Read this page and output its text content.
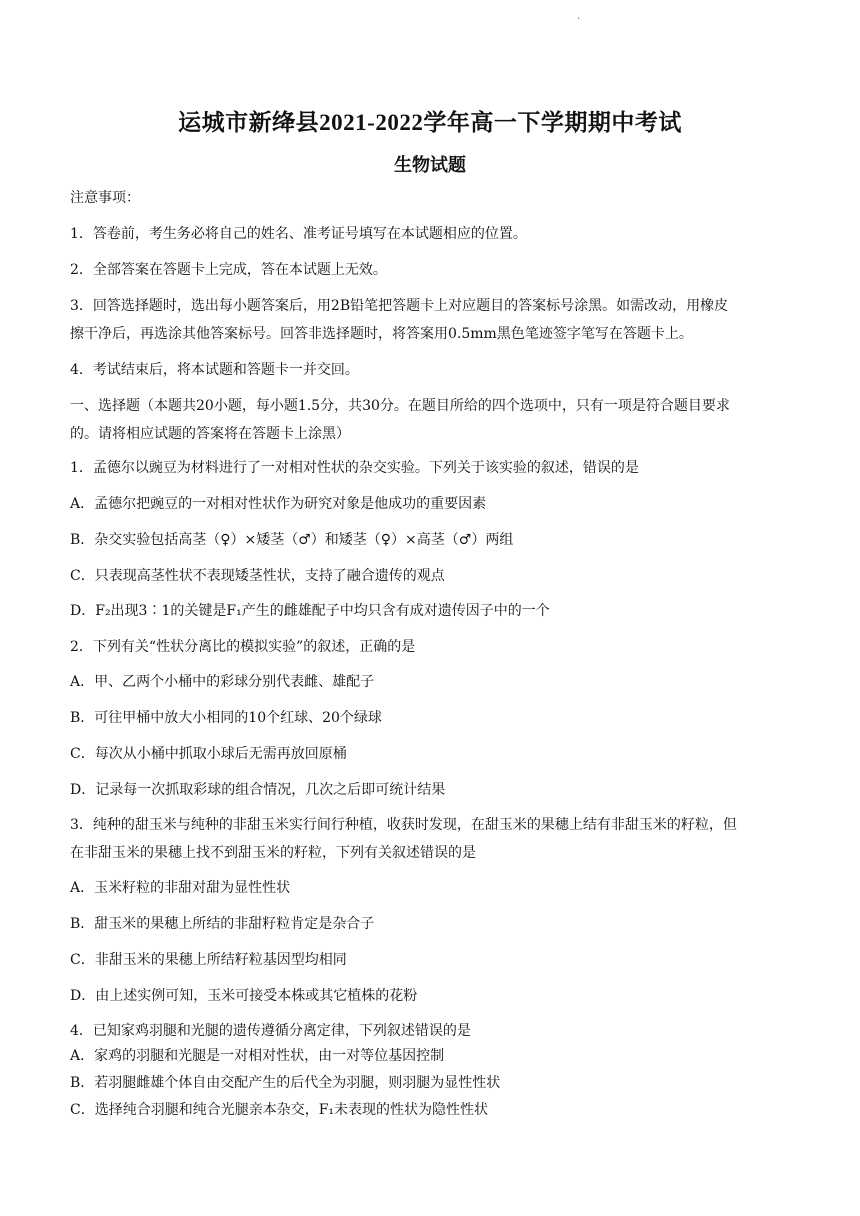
·
运城市新绛县2021-2022学年高一下学期期中考试
生物试题
注意事项：
1．答卷前，考生务必将自己的姓名、准考证号填写在本试题相应的位置。
2．全部答案在答题卡上完成，答在本试题上无效。
3．回答选择题时，选出每小题答案后，用2B铅笔把答题卡上对应题目的答案标号涂黑。如需改动，用橡皮
擦干净后，再选涂其他答案标号。回答非选择题时，将答案用0.5mm黑色笔迹签字笔写在答题卡上。
4．考试结束后，将本试题和答题卡一并交回。
一、选择题（本题共20小题，每小题1.5分，共30分。在题目所给的四个选项中，只有一项是符合题目要求
的。请将相应试题的答案将在答题卡上涂黑）
1．孟德尔以豌豆为材料进行了一对相对性状的杂交实验。下列关于该实验的叙述，错误的是
A．孟德尔把豌豆的一对相对性状作为研究对象是他成功的重要因素
B．杂交实验包括高茎（♀）×矮茎（♂）和矮茎（♀）×高茎（♂）两组
C．只表现高茎性状不表现矮茎性状，支持了融合遗传的观点
D．F₂出现3∶1的关键是F₁产生的雌雄配子中均只含有成对遗传因子中的一个
2．下列有关“性状分离比的模拟实验”的叙述，正确的是
A．甲、乙两个小桶中的彩球分别代表雌、雄配子
B．可往甲桶中放大小相同的10个红球、20个绿球
C．每次从小桶中抓取小球后无需再放回原桶
D．记录每一次抓取彩球的组合情况，几次之后即可统计结果
3．纯种的甜玉米与纯种的非甜玉米实行间行种植，收获时发现，在甜玉米的果穗上结有非甜玉米的籽粒，但
在非甜玉米的果穗上找不到甜玉米的籽粒，下列有关叙述错误的是
A．玉米籽粒的非甜对甜为显性性状
B．甜玉米的果穗上所结的非甜籽粒肯定是杂合子
C．非甜玉米的果穗上所结籽粒基因型均相同
D．由上述实例可知，玉米可接受本株或其它植株的花粉
4．已知家鸡羽腿和光腿的遗传遵循分离定律，下列叙述错误的是
A．家鸡的羽腿和光腿是一对相对性状，由一对等位基因控制
B．若羽腿雌雄个体自由交配产生的后代全为羽腿，则羽腿为显性性状
C．选择纯合羽腿和纯合光腿亲本杂交，F₁未表现的性状为隐性性状
